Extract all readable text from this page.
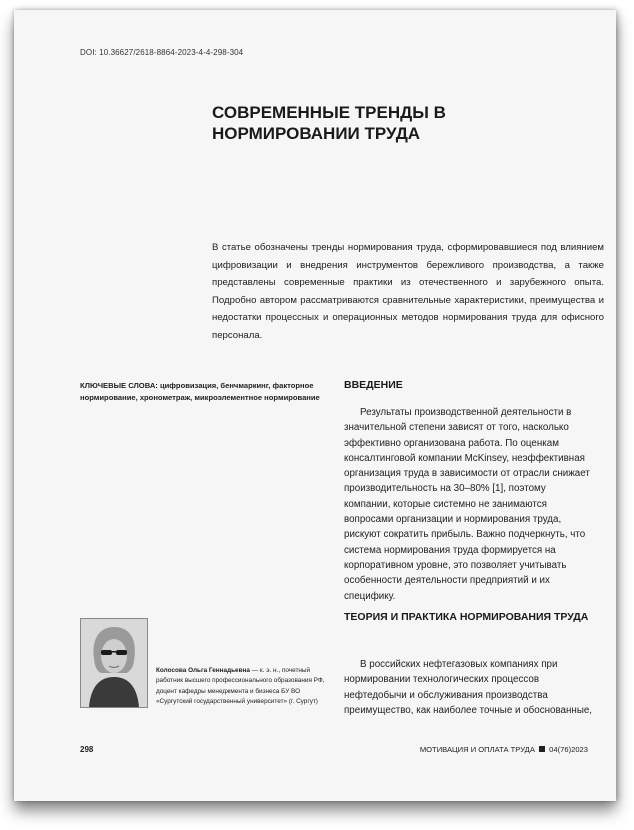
DOI: 10.36627/2618-8864-2023-4-4-298-304
СОВРЕМЕННЫЕ ТРЕНДЫ В НОРМИРОВАНИИ ТРУДА

В статье обозначены тренды нормирования труда, сформировавшиеся под влиянием цифровизации и внедрения инструментов бережливого производства, а также представлены современные практики из отечественного и зарубежного опыта. Подробно автором рассматриваются сравнительные характеристики, преимущества и недостатки процессных и операционных методов нормирования труда для офисного персонала.

КЛЮЧЕВЫЕ СЛОВА: цифровизация, бенчмаркинг, факторное нормирование, хронометраж, микроэлементное нормирование

ВВЕДЕНИЕ

Результаты производственной деятельности в значительной степени зависят от того, насколько эффективно организована работа. По оценкам консалтинговой компании McKinsey, неэффективная организация труда в зависимости от отрасли снижает производительность на 30–80% [1], поэтому компании, которые системно не занимаются вопросами организации и нормирования труда, рискуют сократить прибыль. Важно подчеркнуть, что система нормирования труда формируется на корпоративном уровне, это позволяет учитывать особенности деятельности предприятий и их специфику.

ТЕОРИЯ И ПРАКТИКА НОРМИРОВАНИЯ ТРУДА

В российских нефтегазовых компаниях при нормировании технологических процессов нефтедобычи и обслуживания производства преимущество, как наиболее точные и обоснованные,

Колосова Ольга Геннадьевна — к. э. н., почетный работник высшего профессионального образования РФ, доцент кафедры менеджмента и бизнеса БУ ВО «Сургутский государственный университет» (г. Сургут)

298	МОТИВАЦИЯ И ОПЛАТА ТРУДА 04(76)2023
